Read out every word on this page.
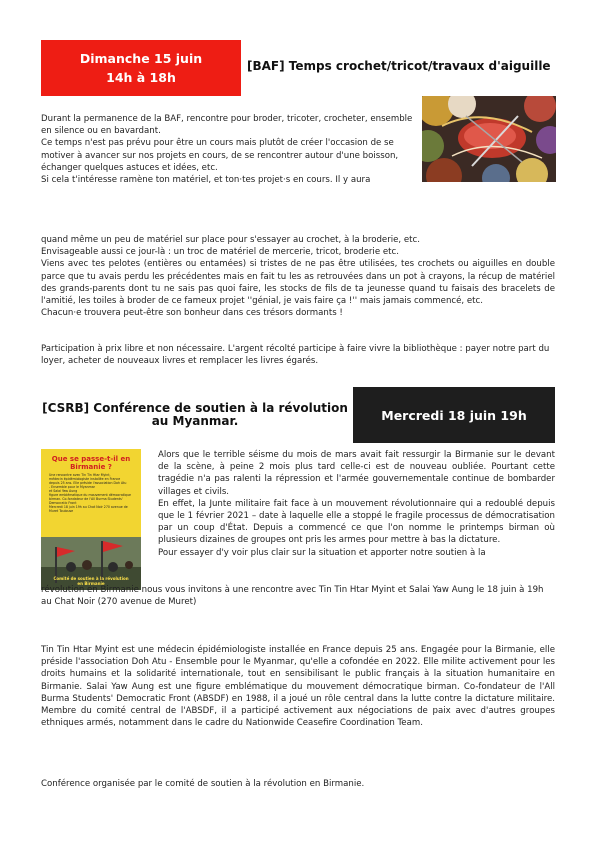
Dimanche 15 juin
14h à 18h
[BAF] Temps crochet/tricot/travaux d'aiguille

Durant la permanence de la BAF, rencontre pour broder, tricoter, crocheter, ensemble en silence ou en bavardant.

Ce temps n'est pas prévu pour être un cours mais plutôt de créer l'occasion de se motiver à avancer sur nos projets en cours, de se rencontrer autour d'une boisson, échanger quelques astuces et idées, etc.

Si cela t'intéresse ramène ton matériel, et ton·tes projet·s en cours. Il y aura

quand même un peu de matériel sur place pour s'essayer au crochet, à la broderie, etc.

Envisageable aussi ce jour-là : un troc de matériel de mercerie, tricot, broderie etc.

Viens avec tes pelotes (entières ou entamées) si tristes de ne pas être utilisées, tes crochets ou aiguilles en double parce que tu avais perdu les précédentes mais en fait tu les as retrouvées dans un pot à crayons, la récup de matériel des grands-parents dont tu ne sais pas quoi faire, les stocks de fils de ta jeunesse quand tu faisais des bracelets de l'amitié, les toiles à broder de ce fameux projet ''génial, je vais faire ça !'' mais jamais commencé, etc.

Chacun·e trouvera peut-être son bonheur dans ces trésors dormants !

Participation à prix libre et non nécessaire. L'argent récolté participe à faire vivre la bibliothèque : payer notre part du loyer, acheter de nouveaux livres et remplacer les livres égarés.
[CSRB] Conférence de soutien à la révolution au Myanmar.	Mercredi 18 juin 19h
Que se passe-t-il en Birmanie ?
Une rencontre avec Tin Tin Htar Myint,
médecin épidémiologiste installée en France
depuis 25 ans. Elle préside l'association Doh Atu
- Ensemble pour le Myanmar
et Salai Yaw Aung
figure emblématique du mouvement démocratique
birman. Co-fondateur de l'All Burma Students'
Democratic Front
Mercredi 18 juin 19h au Chat Noir 270 avenue de
Muret Toulouse
Comité de soutien à la révolution en Birmanie

Alors que le terrible séisme du mois de mars avait fait ressurgir la Birmanie sur le devant de la scène, à peine 2 mois plus tard celle-ci est de nouveau oubliée. Pourtant cette tragédie n'a pas ralenti la répression et l'armée gouvernementale continue de bombarder villages et civils.

En effet, la Junte militaire fait face à un mouvement révolutionnaire qui a redoublé depuis que le 1 février 2021 – date à laquelle elle a stoppé le fragile processus de démocratisation par un coup d'État. Depuis a commencé ce que l'on nomme le printemps birman où plusieurs dizaines de groupes ont pris les armes pour mettre à bas la dictature.

Pour essayer d'y voir plus clair sur la situation et apporter notre soutien à la

révolution en Birmanie nous vous invitons à une rencontre avec Tin Tin Htar Myint et Salai Yaw Aung le 18 juin à 19h au Chat Noir (270 avenue de Muret)
Tin Tin Htar Myint est une médecin épidémiologiste installée en France depuis 25 ans. Engagée pour la Birmanie, elle préside l'association Doh Atu - Ensemble pour le Myanmar, qu'elle a cofondée en 2022. Elle milite activement pour les droits humains et la solidarité internationale, tout en sensibilisant le public français à la situation humanitaire en Birmanie. Salai Yaw Aung est une figure emblématique du mouvement démocratique birman. Co-fondateur de l'All Burma Students' Democratic Front (ABSDF) en 1988, il a joué un rôle central dans la lutte contre la dictature militaire. Membre du comité central de l'ABSDF, il a participé activement aux négociations de paix avec d'autres groupes ethniques armés, notamment dans le cadre du Nationwide Ceasefire Coordination Team.
Conférence organisée par le comité de soutien à la révolution en Birmanie.
